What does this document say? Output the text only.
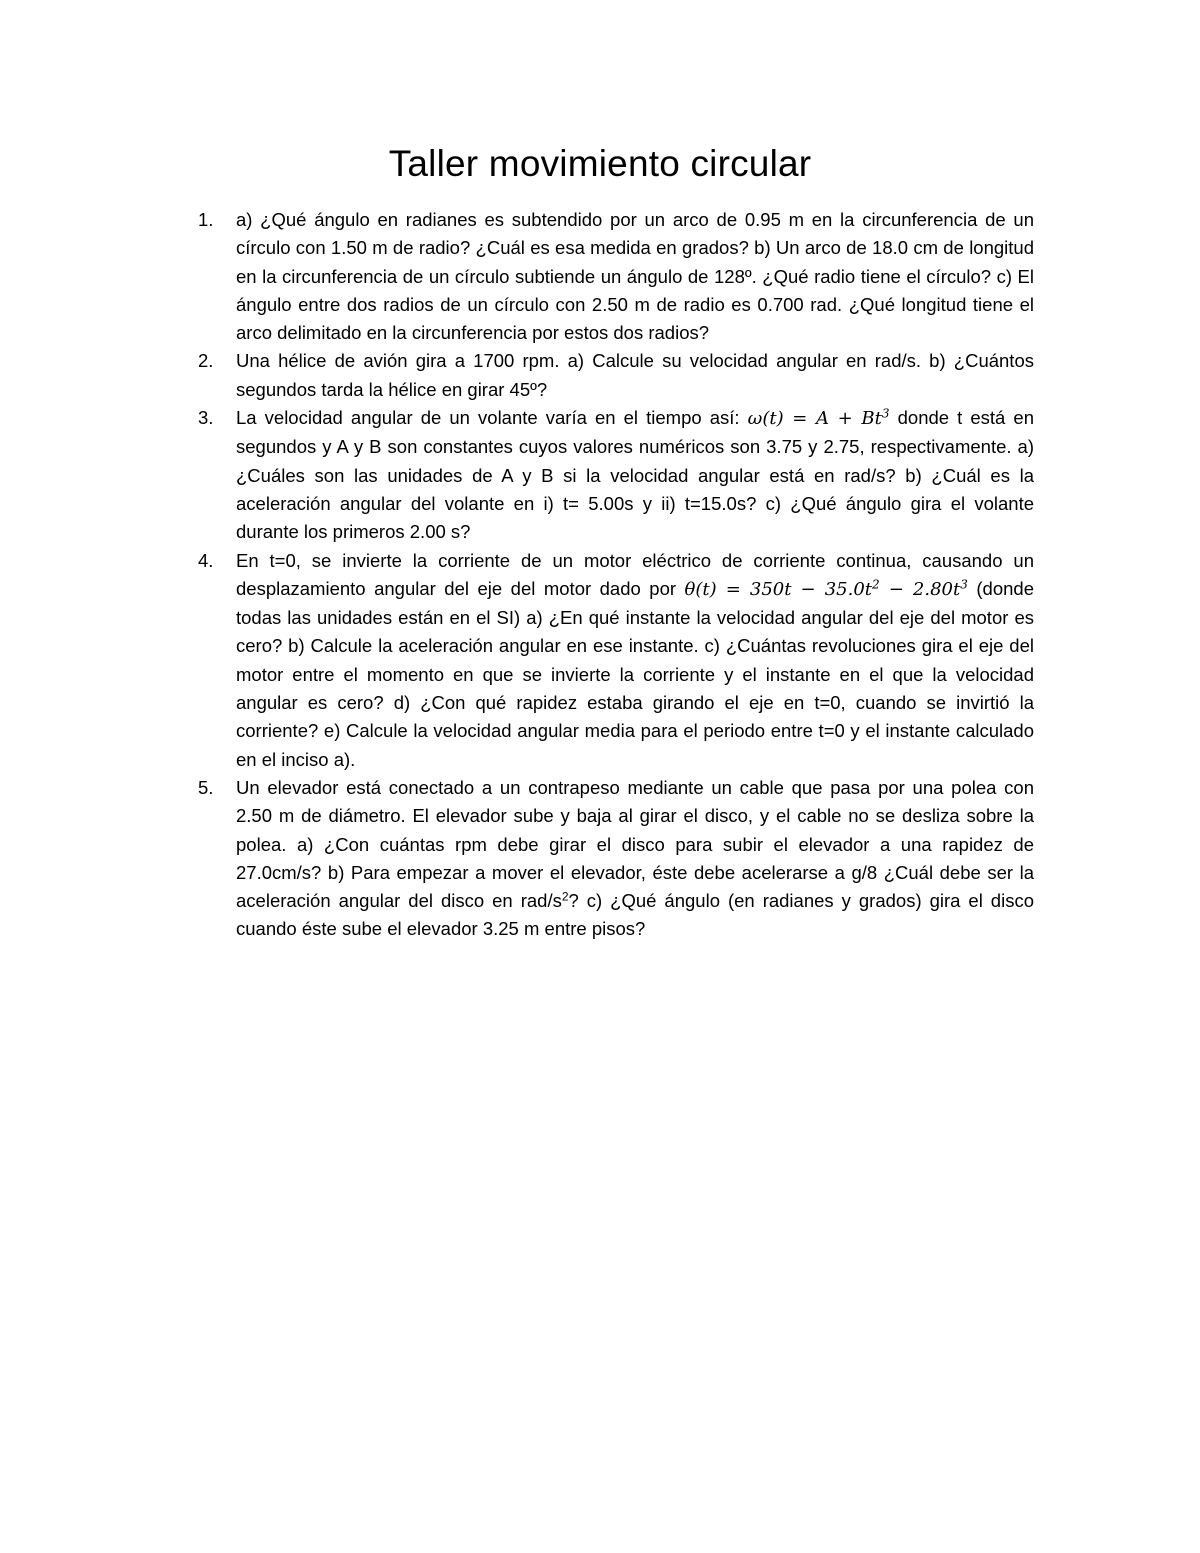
Taller movimiento circular
1.	a) ¿Qué ángulo en radianes es subtendido por un arco de 0.95 m en la circunferencia de un círculo con 1.50 m de radio? ¿Cuál es esa medida en grados? b) Un arco de 18.0 cm de longitud en la circunferencia de un círculo subtiende un ángulo de 128º. ¿Qué radio tiene el círculo? c) El ángulo entre dos radios de un círculo con 2.50 m de radio es 0.700 rad. ¿Qué longitud tiene el arco delimitado en la circunferencia por estos dos radios?
2.	Una hélice de avión gira a 1700 rpm. a) Calcule su velocidad angular en rad/s. b) ¿Cuántos segundos tarda la hélice en girar 45º?
3.	La velocidad angular de un volante varía en el tiempo así: $\omega(t) = A + Bt^3$ donde t está en segundos y A y B son constantes cuyos valores numéricos son 3.75 y 2.75, respectivamente. a) ¿Cuáles son las unidades de A y B si la velocidad angular está en rad/s? b) ¿Cuál es la aceleración angular del volante en i) t= 5.00s y ii) t=15.0s? c) ¿Qué ángulo gira el volante durante los primeros 2.00 s?
4.	En t=0, se invierte la corriente de un motor eléctrico de corriente continua, causando un desplazamiento angular del eje del motor dado por $\theta(t) = 350t - 35.0t^2 - 2.80t^3$ (donde todas las unidades están en el SI) a) ¿En qué instante la velocidad angular del eje del motor es cero? b) Calcule la aceleración angular en ese instante. c) ¿Cuántas revoluciones gira el eje del motor entre el momento en que se invierte la corriente y el instante en el que la velocidad angular es cero? d) ¿Con qué rapidez estaba girando el eje en t=0, cuando se invirtió la corriente? e) Calcule la velocidad angular media para el periodo entre t=0 y el instante calculado en el inciso a).
5.	Un elevador está conectado a un contrapeso mediante un cable que pasa por una polea con 2.50 m de diámetro. El elevador sube y baja al girar el disco, y el cable no se desliza sobre la polea. a) ¿Con cuántas rpm debe girar el disco para subir el elevador a una rapidez de 27.0cm/s? b) Para empezar a mover el elevador, éste debe acelerarse a g/8 ¿Cuál debe ser la aceleración angular del disco en rad/$s^2$? c) ¿Qué ángulo (en radianes y grados) gira el disco cuando éste sube el elevador 3.25 m entre pisos?
